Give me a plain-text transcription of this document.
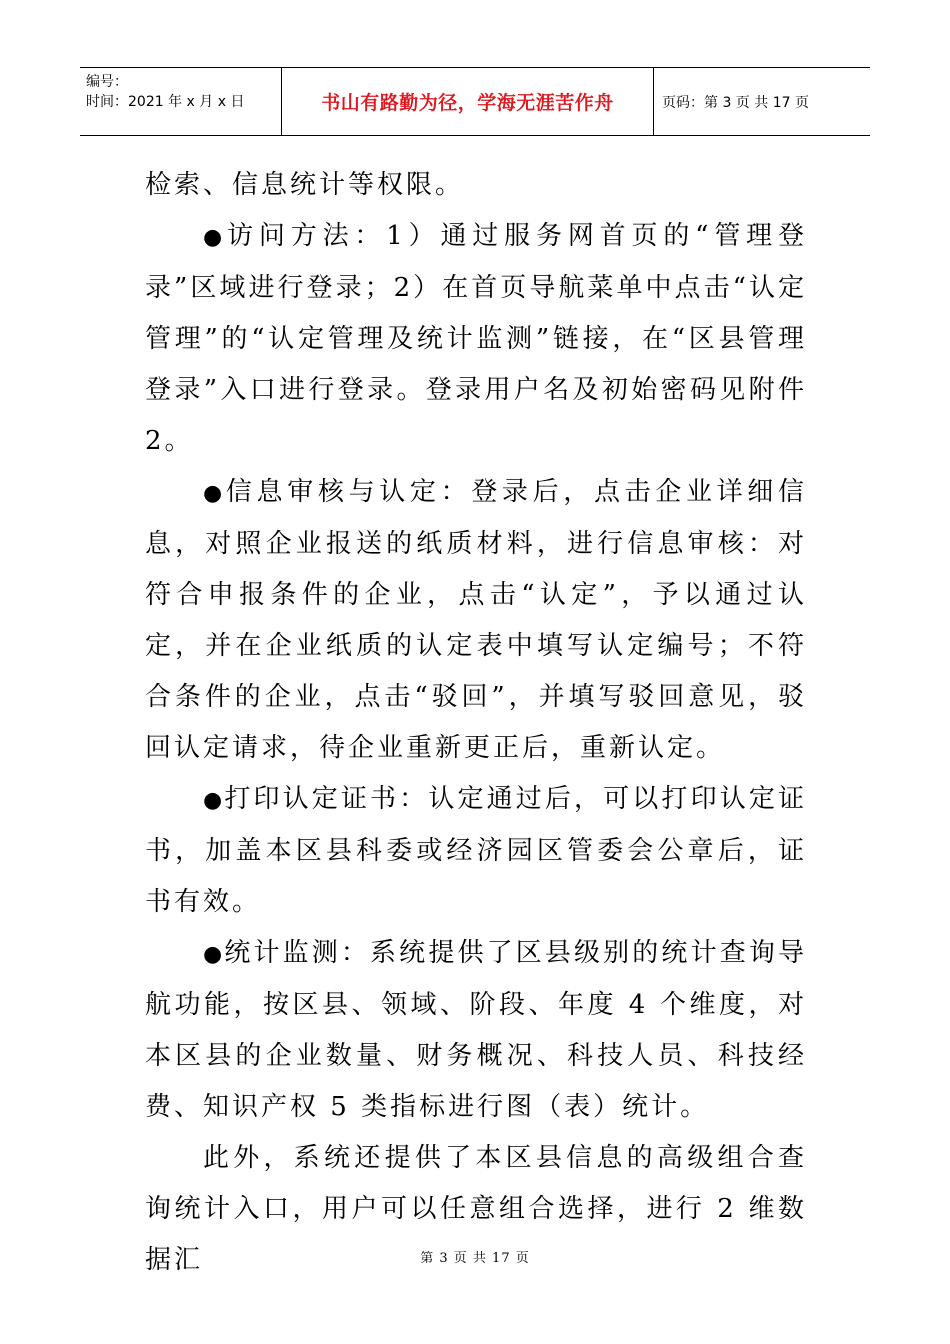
编号：
时间：2021 年 x 月 x 日	书山有路勤为径，学海无涯苦作舟	页码：第 3 页 共 17 页

检索、信息统计等权限。

●访问方法：1）通过服务网首页的“管理登录”区域进行登录；2）在首页导航菜单中点击“认定管理”的“认定管理及统计监测”链接，在“区县管理登录”入口进行登录。登录用户名及初始密码见附件 2。

●信息审核与认定：登录后，点击企业详细信息，对照企业报送的纸质材料，进行信息审核：对符合申报条件的企业，点击“认定”，予以通过认定，并在企业纸质的认定表中填写认定编号；不符合条件的企业，点击“驳回”，并填写驳回意见，驳回认定请求，待企业重新更正后，重新认定。

●打印认定证书：认定通过后，可以打印认定证书，加盖本区县科委或经济园区管委会公章后，证书有效。

●统计监测：系统提供了区县级别的统计查询导航功能，按区县、领域、阶段、年度 4 个维度，对本区县的企业数量、财务概况、科技人员、科技经费、知识产权 5 类指标进行图（表）统计。

此外，系统还提供了本区县信息的高级组合查询统计入口，用户可以任意组合选择，进行 2 维数据汇	第 3 页 共 17 页
